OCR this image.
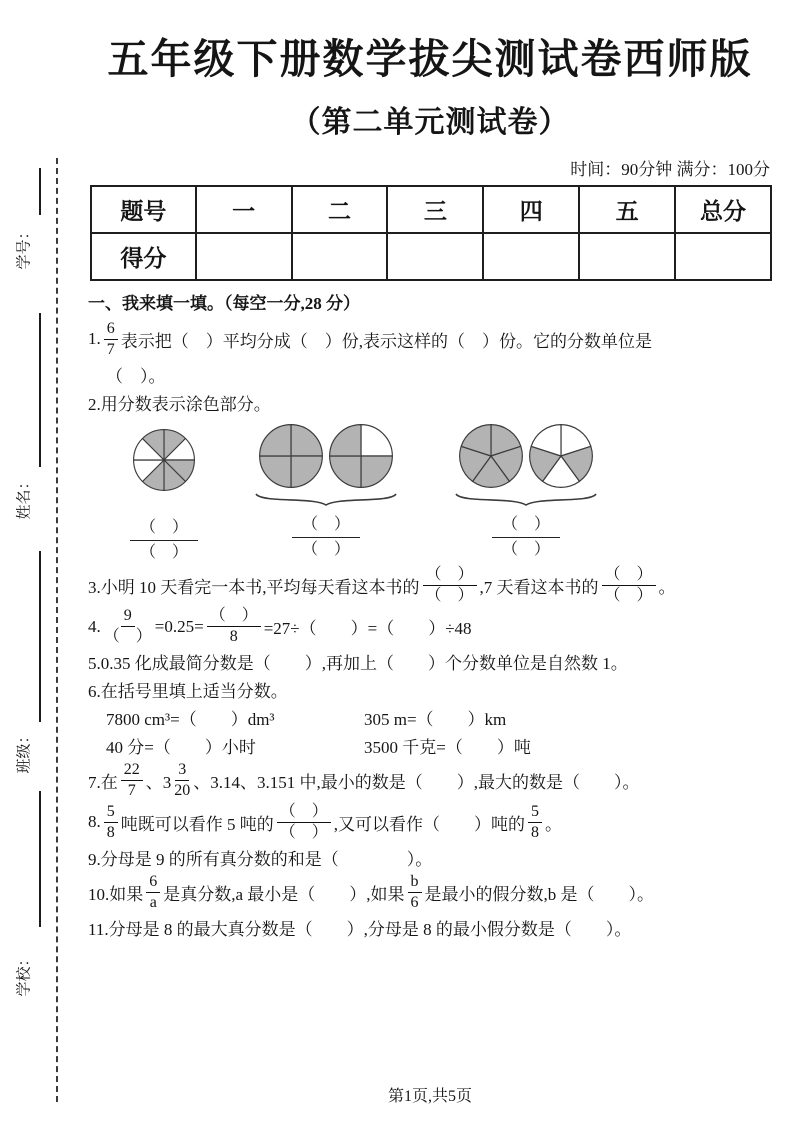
学号：
姓名：
班级：
学校：
五年级下册数学拔尖测试卷西师版
（第二单元测试卷）
时间：90分钟 满分：100分
题号	一	二	三	四	五	总分
得分						
一、我来填一填。（每空一分,28 分）
1. $\frac{6}{7}$ 表示把（　）平均分成（　）份,表示这样的（　）份。它的分数单位是
（　）。
2.用分数表示涂色部分。
（　）
（　）
（　）
（　）
（　）
（　）
3.小明 10 天看完一本书,平均每天看这本书的 $\frac{( )}{( )} ,7$ 天看这本书的 $\frac{( )}{( )}$ 。
4. $\frac{9}{( )} =0.25= \frac{( )}{8} =27\div$（　　）=（　　）÷48
5.0.35 化成最简分数是（　　）,再加上（　　）个分数单位是自然数 1。
6.在括号里填上适当分数。
7800 cm³=（　　）dm³	305 m=（　　）km
40 分=（　　）小时	3500 千克=（　　）吨
7.在 $\frac{22}{7}$ 、$3 \frac{3}{20}$ 、3.14、3.151 中,最小的数是（　　）,最大的数是（　　）。
8. $\frac{5}{8}$ 吨既可以看作 5 吨的 $\frac{( )}{( )}$ ,又可以看作（　　）吨的 $\frac{5}{8}$ 。
9.分母是 9 的所有真分数的和是（　　　　）。
10.如果 $\frac{6}{a}$ 是真分数,a 最小是（　　）,如果 $\frac{b}{6}$ 是最小的假分数,b 是（　　）。
11.分母是 8 的最大真分数是（　　）,分母是 8 的最小假分数是（　　）。
第1页,共5页
